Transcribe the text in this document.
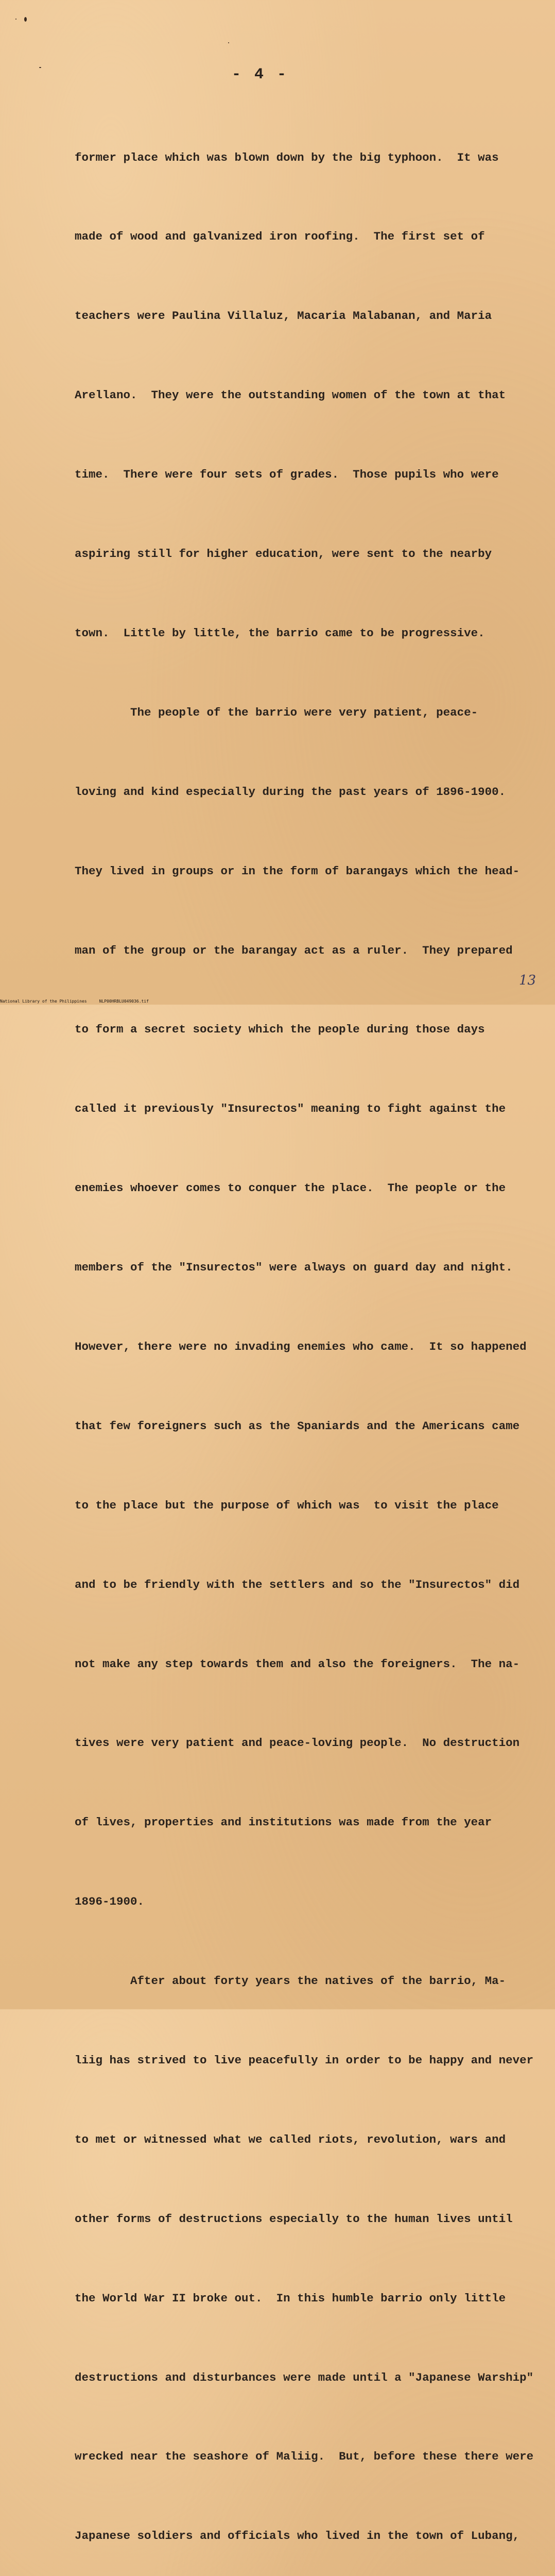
- 4 -

former place which was blown down by the big typhoon.  It was

made of wood and galvanized iron roofing.  The first set of

teachers were Paulina Villaluz, Macaria Malabanan, and Maria

Arellano.  They were the outstanding women of the town at that

time.  There were four sets of grades.  Those pupils who were

aspiring still for higher education, were sent to the nearby

town.  Little by little, the barrio came to be progressive.

The people of the barrio were very patient, peace-

loving and kind especially during the past years of 1896-1900.

They lived in groups or in the form of barangays which the head-

man of the group or the barangay act as a ruler.  They prepared

to form a secret society which the people during those days

called it previously "Insurectos" meaning to fight against the

enemies whoever comes to conquer the place.  The people or the

members of the "Insurectos" were always on guard day and night.

However, there were no invading enemies who came.  It so happened

that few foreigners such as the Spaniards and the Americans came

to the place but the purpose of which was  to visit the place

and to be friendly with the settlers and so the "Insurectos" did

not make any step towards them and also the foreigners.  The na-

tives were very patient and peace-loving people.  No destruction

of lives, properties and institutions was made from the year

1896-1900.

After about forty years the natives of the barrio, Ma-

liig has strived to live peacefully in order to be happy and never

to met or witnessed what we called riots, revolution, wars and

other forms of destructions especially to the human lives until

the World War II broke out.  In this humble barrio only little

destructions and disturbances were made until a "Japanese Warship"

wrecked near the seashore of Maliig.  But, before these there were

Japanese soldiers and officials who lived in the town of Lubang,

National Library of the Philippines     NLP00HRBLU049036.tif
13
